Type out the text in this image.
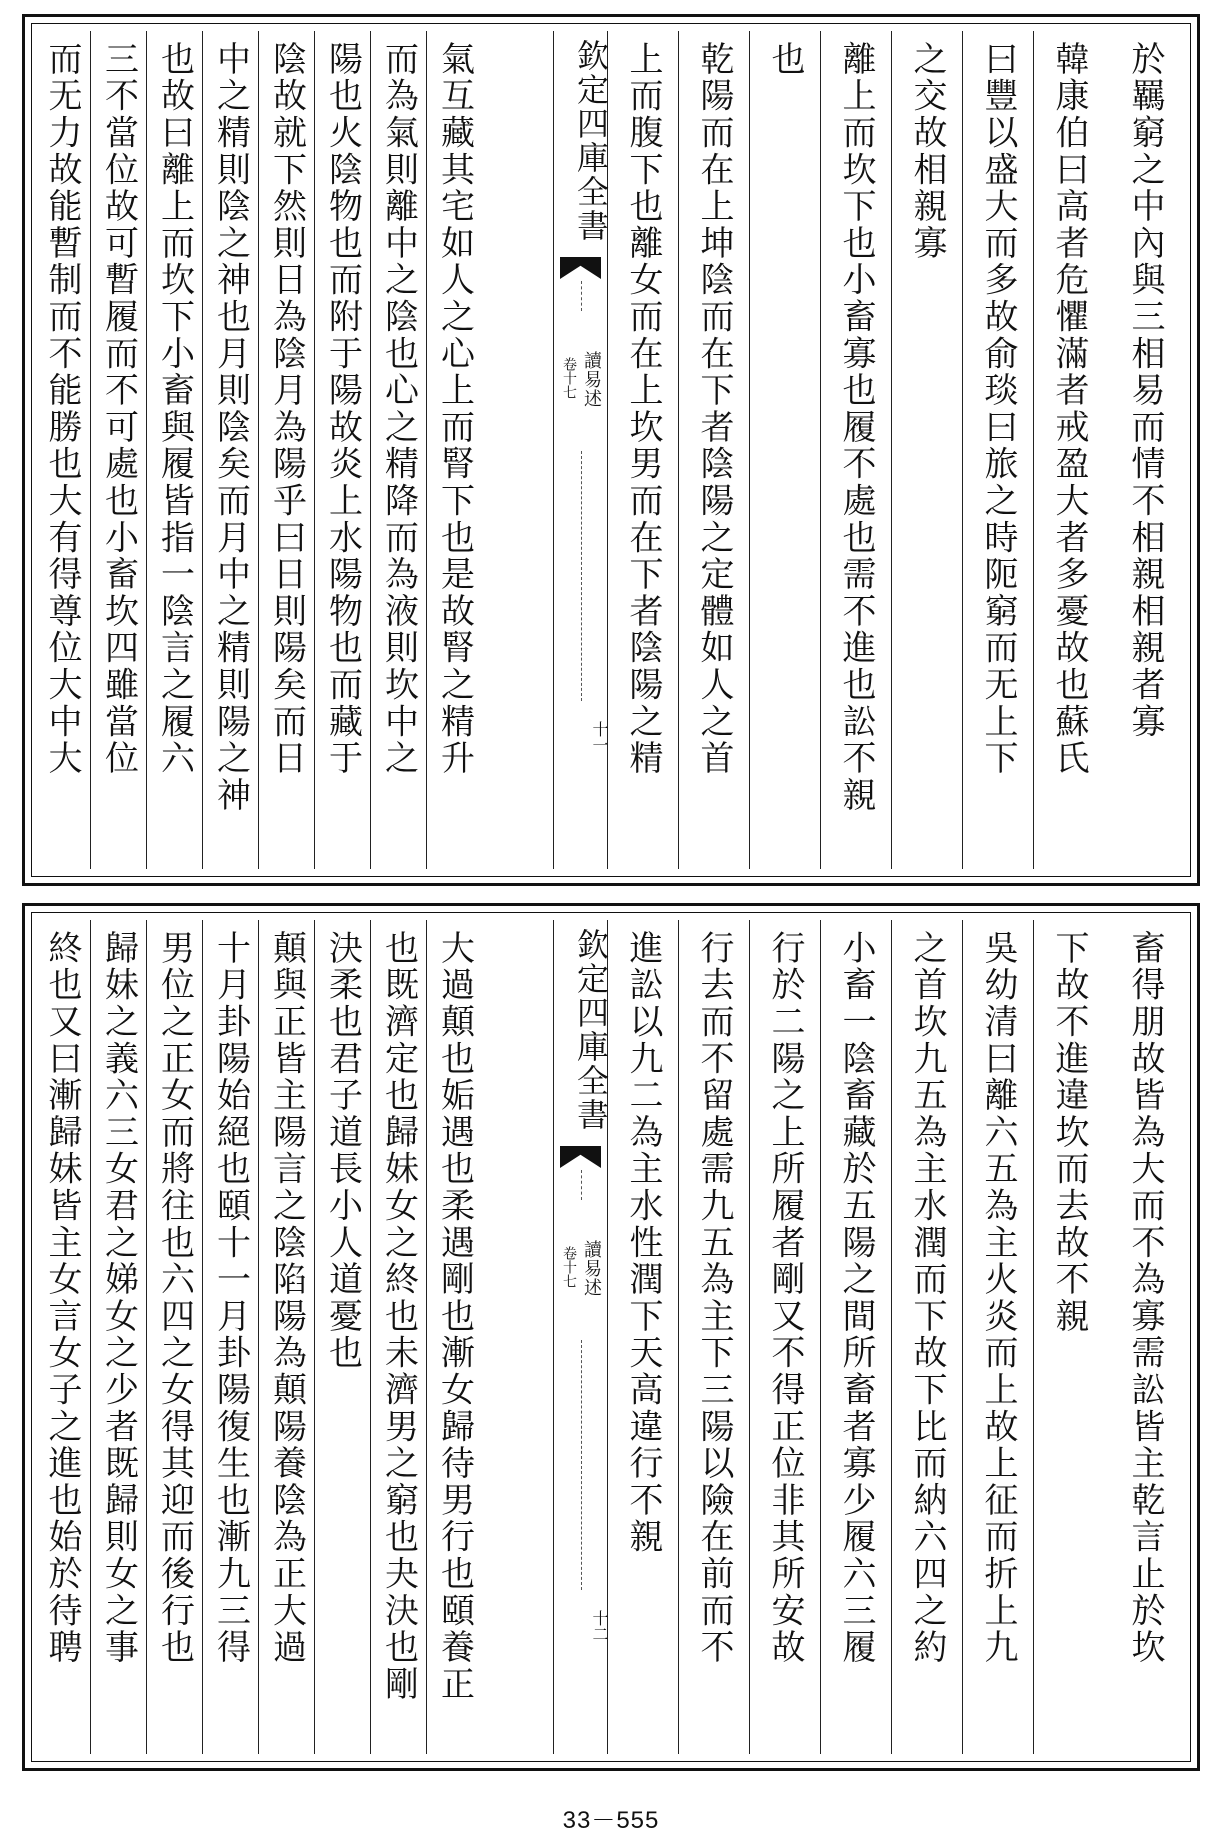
於羈窮之中內與三相易而情不相親相親者寡
韓康伯曰高者危懼滿者戒盈大者多憂故也蘇氏
曰豐以盛大而多故俞琰曰旅之時阨窮而无上下
之交故相親寡
離上而坎下也小畜寡也履不處也需不進也訟不親
也
乾陽而在上坤陰而在下者陰陽之定體如人之首
上而腹下也離女而在上坎男而在下者陰陽之精
欽定四庫全書
讀易述
卷十七
十一
氣互藏其宅如人之心上而腎下也是故腎之精升
而為氣則離中之陰也心之精降而為液則坎中之
陽也火陰物也而附于陽故炎上水陽物也而藏于
陰故就下然則日為陰月為陽乎曰日則陽矣而日
中之精則陰之神也月則陰矣而月中之精則陽之神
也故曰離上而坎下小畜與履皆指一陰言之履六
三不當位故可暫履而不可處也小畜坎四雖當位
而无力故能暫制而不能勝也大有得尊位大中大
畜得朋故皆為大而不為寡需訟皆主乾言止於坎
下故不進違坎而去故不親
吳幼清曰離六五為主火炎而上故上征而折上九
之首坎九五為主水潤而下故下比而納六四之約
小畜一陰畜藏於五陽之間所畜者寡少履六三履
行於二陽之上所履者剛又不得正位非其所安故
行去而不留處需九五為主下三陽以險在前而不
進訟以九二為主水性潤下天高違行不親
欽定四庫全書
讀易述
卷十七
十二
大過顛也姤遇也柔遇剛也漸女歸待男行也頤養正
也既濟定也歸妹女之終也未濟男之窮也夬決也剛
決柔也君子道長小人道憂也
顛與正皆主陽言之陰陷陽為顛陽養陰為正大過
十月卦陽始絕也頤十一月卦陽復生也漸九三得
男位之正女而將往也六四之女得其迎而後行也
歸妹之義六三女君之娣女之少者既歸則女之事
終也又曰漸歸妹皆主女言女子之進也始於待聘
33－555
